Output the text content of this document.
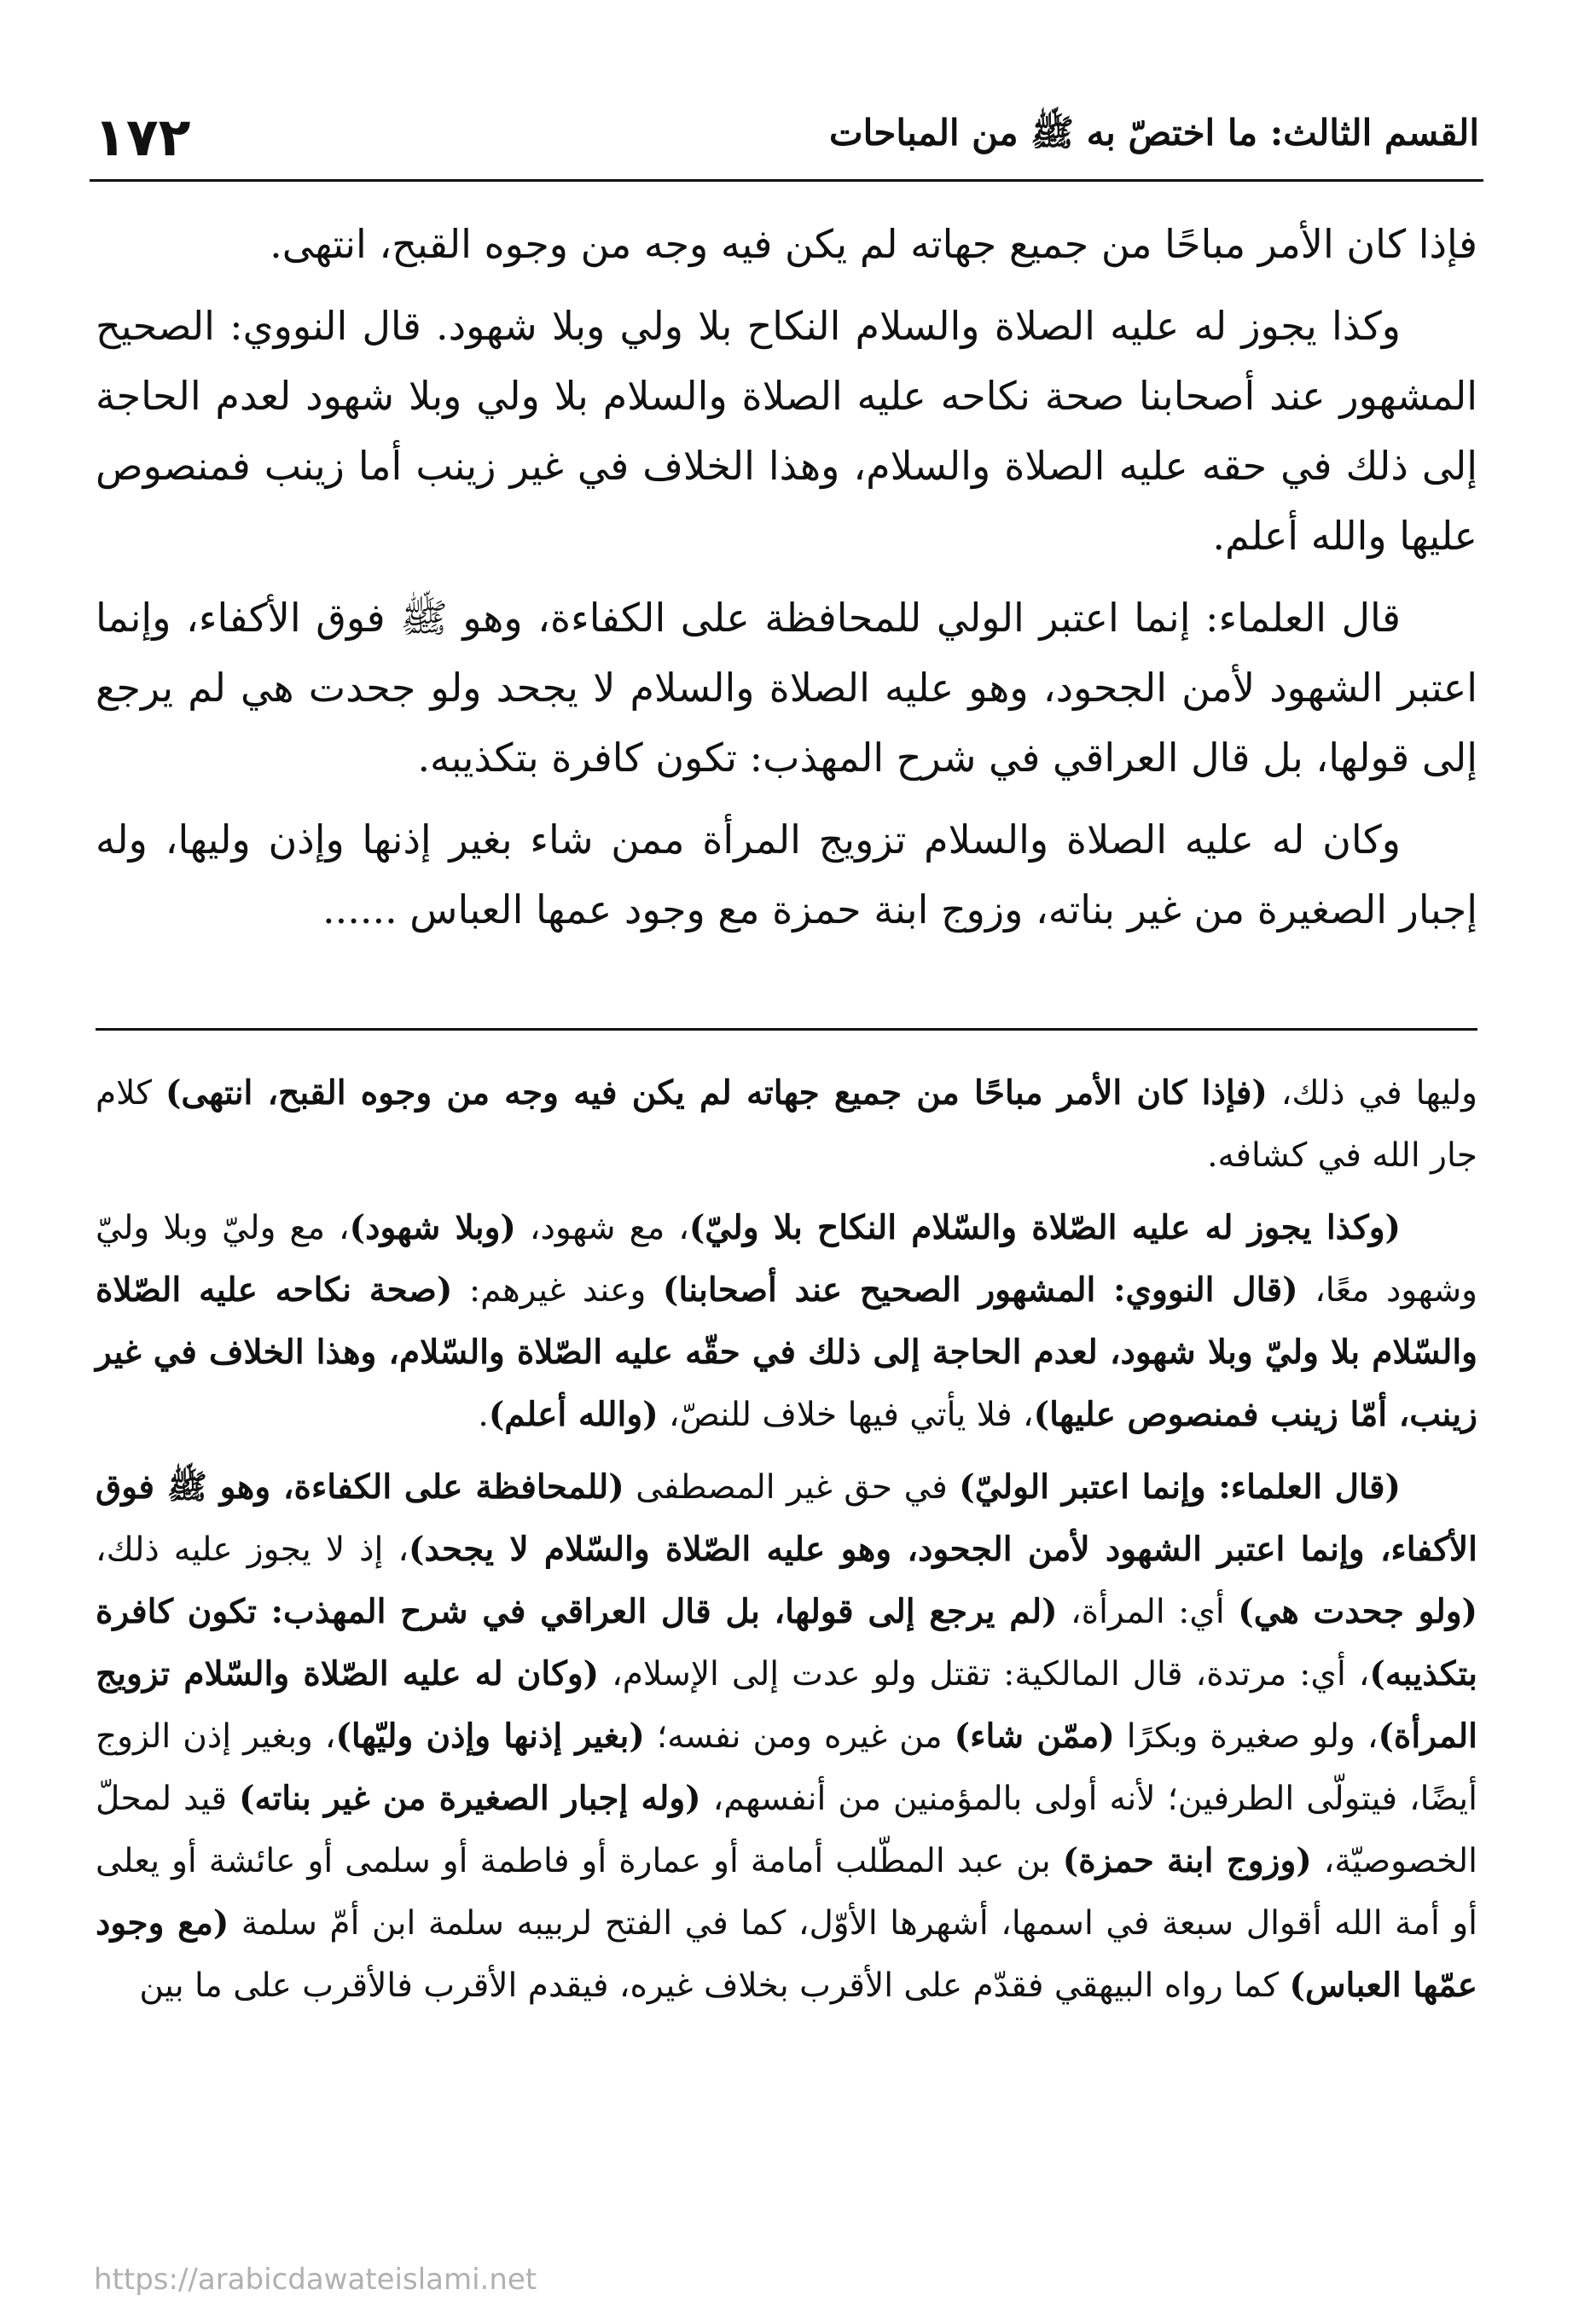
القسم الثالث: ما اختصّ به ﷺ من المباحات
١٧٢

فإذا كان الأمر مباحًا من جميع جهاته لم يكن فيه وجه من وجوه القبح، انتهى.

وكذا يجوز له عليه الصلاة والسلام النكاح بلا ولي وبلا شهود. قال النووي: الصحيح المشهور عند أصحابنا صحة نكاحه عليه الصلاة والسلام بلا ولي وبلا شهود لعدم الحاجة إلى ذلك في حقه عليه الصلاة والسلام، وهذا الخلاف في غير زينب أما زينب فمنصوص عليها والله أعلم.

قال العلماء: إنما اعتبر الولي للمحافظة على الكفاءة، وهو ﷺ فوق الأكفاء، وإنما اعتبر الشهود لأمن الجحود، وهو عليه الصلاة والسلام لا يجحد ولو جحدت هي لم يرجع إلى قولها، بل قال العراقي في شرح المهذب: تكون كافرة بتكذيبه.

وكان له عليه الصلاة والسلام تزويج المرأة ممن شاء بغير إذنها وإذن وليها، وله إجبار الصغيرة من غير بناته، وزوج ابنة حمزة مع وجود عمها العباس ......

وليها في ذلك، (فإذا كان الأمر مباحًا من جميع جهاته لم يكن فيه وجه من وجوه القبح، انتهى) كلام جار الله في كشافه.

(وكذا يجوز له عليه الصّلاة والسّلام النكاح بلا وليّ)، مع شهود، (وبلا شهود)، مع وليّ وبلا وليّ وشهود معًا، (قال النووي: المشهور الصحيح عند أصحابنا) وعند غيرهم: (صحة نكاحه عليه الصّلاة والسّلام بلا وليّ وبلا شهود، لعدم الحاجة إلى ذلك في حقّه عليه الصّلاة والسّلام، وهذا الخلاف في غير زينب، أمّا زينب فمنصوص عليها)، فلا يأتي فيها خلاف للنصّ، (والله أعلم).

(قال العلماء: وإنما اعتبر الوليّ) في حق غير المصطفى (للمحافظة على الكفاءة، وهو ﷺ فوق الأكفاء، وإنما اعتبر الشهود لأمن الجحود، وهو عليه الصّلاة والسّلام لا يجحد)، إذ لا يجوز عليه ذلك، (ولو جحدت هي) أي: المرأة، (لم يرجع إلى قولها، بل قال العراقي في شرح المهذب: تكون كافرة بتكذيبه)، أي: مرتدة، قال المالكية: تقتل ولو عدت إلى الإسلام، (وكان له عليه الصّلاة والسّلام تزويج المرأة)، ولو صغيرة وبكرًا (ممّن شاء) من غيره ومن نفسه؛ (بغير إذنها وإذن وليّها)، وبغير إذن الزوج أيضًا، فيتولّى الطرفين؛ لأنه أولى بالمؤمنين من أنفسهم، (وله إجبار الصغيرة من غير بناته) قيد لمحلّ الخصوصيّة، (وزوج ابنة حمزة) بن عبد المطّلب أمامة أو عمارة أو فاطمة أو سلمى أو عائشة أو يعلى أو أمة الله أقوال سبعة في اسمها، أشهرها الأوّل، كما في الفتح لربيبه سلمة ابن أمّ سلمة (مع وجود عمّها العباس) كما رواه البيهقي فقدّم على الأقرب بخلاف غيره، فيقدم الأقرب فالأقرب على ما بين

https://arabicdawateislami.net
